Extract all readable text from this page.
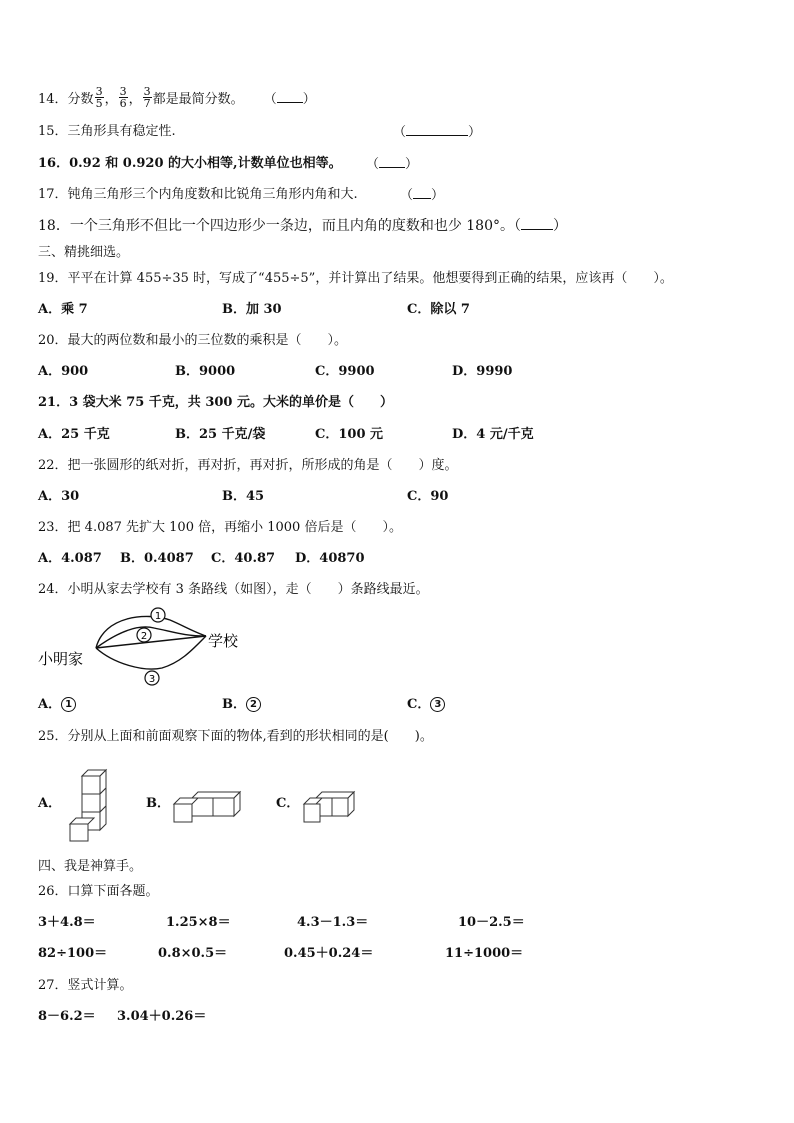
14．分数 $\frac{3}{5}$ ， $\frac{3}{6}$ ， $\frac{3}{7}$ 都是最简分数。 （ ）
15．三角形具有稳定性.	（	）
16．0.92 和 0.920 的大小相等,计数单位也相等。 （ ）
17．钝角三角形三个内角度数和比锐角三角形内角和大.	（ ）
18．一个三角形不但比一个四边形少一条边，而且内角的度数和也少 180°。（ ）
三、精挑细选。
19．平平在计算 455÷35 时，写成了“455÷5”，并计算出了结果。他想要得到正确的结果，应该再（　　）。
A．乘 7	B．加 30	C．除以 7
20．最大的两位数和最小的三位数的乘积是（　　）。
A．900	B．9000	C．9900	D．9990
21．3 袋大米 75 千克，共 300 元。大米的单价是（　　）
A．25 千克	B．25 千克/袋	C．100 元	D．4 元/千克
22．把一张圆形的纸对折，再对折，再对折，所形成的角是（　　）度。
A．30	B．45	C．90
23．把 4.087 先扩大 100 倍，再缩小 1000 倍后是（　　）。
A．4.087 B．0.4087 C．40.87 D．40870
24．小明从家去学校有 3 条路线（如图），走（　　）条路线最近。
1
2
3
小明家
学校
A． 1	B． 2	C． 3
25．分别从上面和前面观察下面的物体,看到的形状相同的是(　　)。
A．	B．	C．
四、我是神算手。
26．口算下面各题。
3＋4.8＝	1.25×8＝	4.3－1.3＝	10－2.5＝
82÷100＝	0.8×0.5＝	0.45＋0.24＝	11÷1000＝
27．竖式计算。
8－6.2＝ 3.04＋0.26＝
